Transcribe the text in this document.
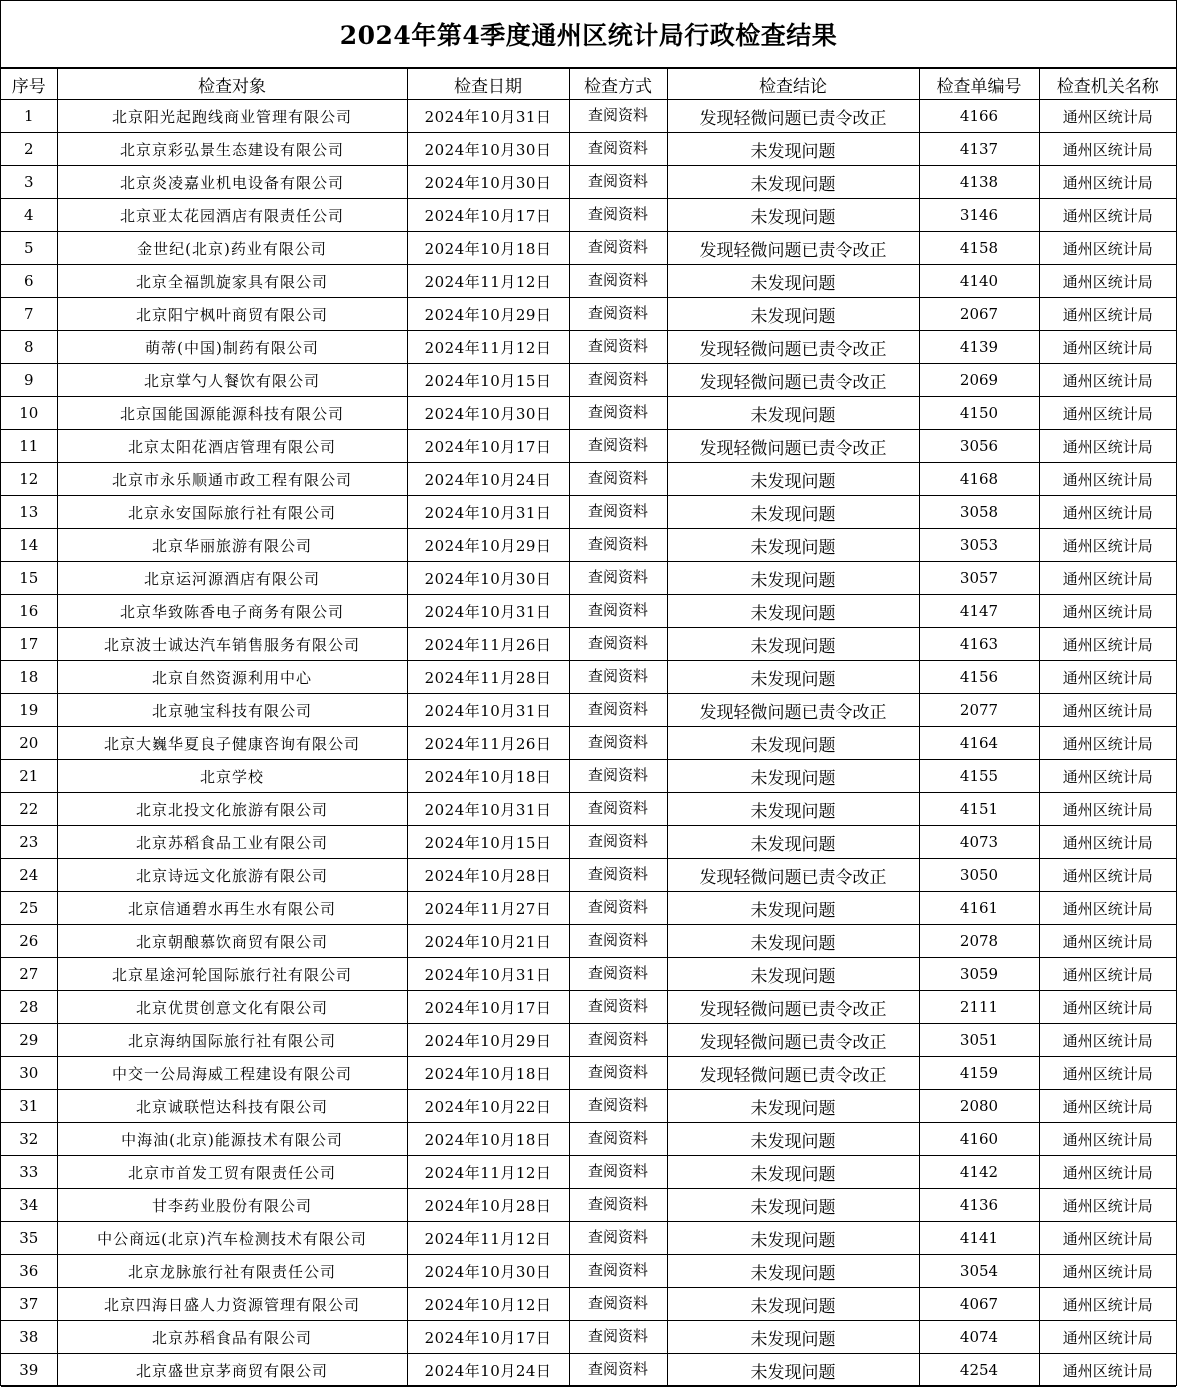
2024年第4季度通州区统计局行政检查结果
序号	检查对象	检查日期	检查方式	检查结论	检查单编号	检查机关名称
1	北京阳光起跑线商业管理有限公司	2024年10月31日	查阅资料	发现轻微问题已责令改正	4166	通州区统计局
2	北京京彩弘景生态建设有限公司	2024年10月30日	查阅资料	未发现问题	4137	通州区统计局
3	北京炎凌嘉业机电设备有限公司	2024年10月30日	查阅资料	未发现问题	4138	通州区统计局
4	北京亚太花园酒店有限责任公司	2024年10月17日	查阅资料	未发现问题	3146	通州区统计局
5	金世纪(北京)药业有限公司	2024年10月18日	查阅资料	发现轻微问题已责令改正	4158	通州区统计局
6	北京全福凯旋家具有限公司	2024年11月12日	查阅资料	未发现问题	4140	通州区统计局
7	北京阳宁枫叶商贸有限公司	2024年10月29日	查阅资料	未发现问题	2067	通州区统计局
8	萌蒂(中国)制药有限公司	2024年11月12日	查阅资料	发现轻微问题已责令改正	4139	通州区统计局
9	北京掌勺人餐饮有限公司	2024年10月15日	查阅资料	发现轻微问题已责令改正	2069	通州区统计局
10	北京国能国源能源科技有限公司	2024年10月30日	查阅资料	未发现问题	4150	通州区统计局
11	北京太阳花酒店管理有限公司	2024年10月17日	查阅资料	发现轻微问题已责令改正	3056	通州区统计局
12	北京市永乐顺通市政工程有限公司	2024年10月24日	查阅资料	未发现问题	4168	通州区统计局
13	北京永安国际旅行社有限公司	2024年10月31日	查阅资料	未发现问题	3058	通州区统计局
14	北京华丽旅游有限公司	2024年10月29日	查阅资料	未发现问题	3053	通州区统计局
15	北京运河源酒店有限公司	2024年10月30日	查阅资料	未发现问题	3057	通州区统计局
16	北京华致陈香电子商务有限公司	2024年10月31日	查阅资料	未发现问题	4147	通州区统计局
17	北京波士诚达汽车销售服务有限公司	2024年11月26日	查阅资料	未发现问题	4163	通州区统计局
18	北京自然资源利用中心	2024年11月28日	查阅资料	未发现问题	4156	通州区统计局
19	北京驰宝科技有限公司	2024年10月31日	查阅资料	发现轻微问题已责令改正	2077	通州区统计局
20	北京大巍华夏良子健康咨询有限公司	2024年11月26日	查阅资料	未发现问题	4164	通州区统计局
21	北京学校	2024年10月18日	查阅资料	未发现问题	4155	通州区统计局
22	北京北投文化旅游有限公司	2024年10月31日	查阅资料	未发现问题	4151	通州区统计局
23	北京苏稻食品工业有限公司	2024年10月15日	查阅资料	未发现问题	4073	通州区统计局
24	北京诗远文化旅游有限公司	2024年10月28日	查阅资料	发现轻微问题已责令改正	3050	通州区统计局
25	北京信通碧水再生水有限公司	2024年11月27日	查阅资料	未发现问题	4161	通州区统计局
26	北京朝酿慕饮商贸有限公司	2024年10月21日	查阅资料	未发现问题	2078	通州区统计局
27	北京星途河轮国际旅行社有限公司	2024年10月31日	查阅资料	未发现问题	3059	通州区统计局
28	北京优贯创意文化有限公司	2024年10月17日	查阅资料	发现轻微问题已责令改正	2111	通州区统计局
29	北京海纳国际旅行社有限公司	2024年10月29日	查阅资料	发现轻微问题已责令改正	3051	通州区统计局
30	中交一公局海威工程建设有限公司	2024年10月18日	查阅资料	发现轻微问题已责令改正	4159	通州区统计局
31	北京诚联恺达科技有限公司	2024年10月22日	查阅资料	未发现问题	2080	通州区统计局
32	中海油(北京)能源技术有限公司	2024年10月18日	查阅资料	未发现问题	4160	通州区统计局
33	北京市首发工贸有限责任公司	2024年11月12日	查阅资料	未发现问题	4142	通州区统计局
34	甘李药业股份有限公司	2024年10月28日	查阅资料	未发现问题	4136	通州区统计局
35	中公商远(北京)汽车检测技术有限公司	2024年11月12日	查阅资料	未发现问题	4141	通州区统计局
36	北京龙脉旅行社有限责任公司	2024年10月30日	查阅资料	未发现问题	3054	通州区统计局
37	北京四海日盛人力资源管理有限公司	2024年10月12日	查阅资料	未发现问题	4067	通州区统计局
38	北京苏稻食品有限公司	2024年10月17日	查阅资料	未发现问题	4074	通州区统计局
39	北京盛世京茅商贸有限公司	2024年10月24日	查阅资料	未发现问题	4254	通州区统计局
